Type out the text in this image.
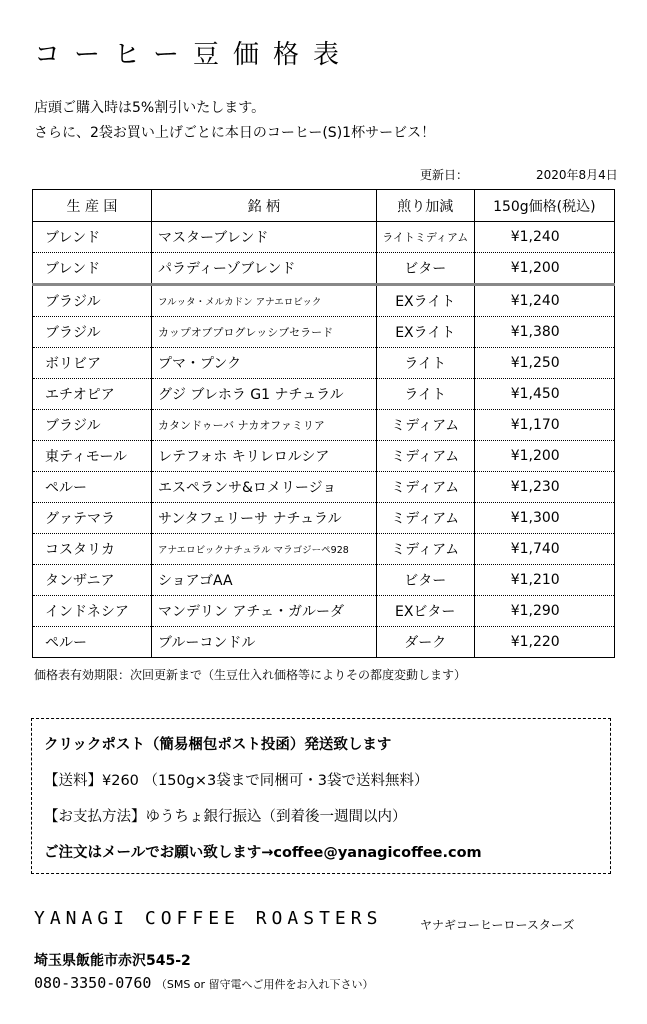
コーヒー豆価格表
店頭ご購入時は5%割引いたします。
さらに、2袋お買い上げごとに本日のコーヒー(S)1杯サービス！
更新日：	2020年8月4日
生 産 国	銘 柄	煎り加減	150g価格(税込)
ブレンド	マスターブレンド	ライトミディアム	¥1,240
ブレンド	パラディーゾブレンド	ビター	¥1,200
ブラジル	フルッタ・メルカドン アナエロビック	EXライト	¥1,240
ブラジル	カップオブプログレッシブセラード	EXライト	¥1,380
ボリビア	プマ・プンク	ライト	¥1,250
エチオピア	グジ ブレホラ G1 ナチュラル	ライト	¥1,450
ブラジル	カタンドゥーバ ナカオファミリア	ミディアム	¥1,170
東ティモール	レテフォホ キリレロルシア	ミディアム	¥1,200
ペルー	エスペランサ&ロメリージョ	ミディアム	¥1,230
グァテマラ	サンタフェリーサ ナチュラル	ミディアム	¥1,300
コスタリカ	アナエロビックナチュラル マラゴジーペ928	ミディアム	¥1,740
タンザニア	ショアゴAA	ビター	¥1,210
インドネシア	マンデリン アチェ・ガルーダ	EXビター	¥1,290
ペルー	ブルーコンドル	ダーク	¥1,220
価格表有効期限：次回更新まで（生豆仕入れ価格等によりその都度変動します）
クリックポスト（簡易梱包ポスト投函）発送致します
【送料】¥260 （150g×3袋まで同梱可・3袋で送料無料）
【お支払方法】ゆうちょ銀行振込（到着後一週間以内）
ご注文はメールでお願い致します→coffee@yanagicoffee.com
YANAGI COFFEE ROASTERS	ヤナギコーヒーロースターズ
埼玉県飯能市赤沢545-2
080-3350-0760 （SMS or 留守電へご用件をお入れ下さい）
